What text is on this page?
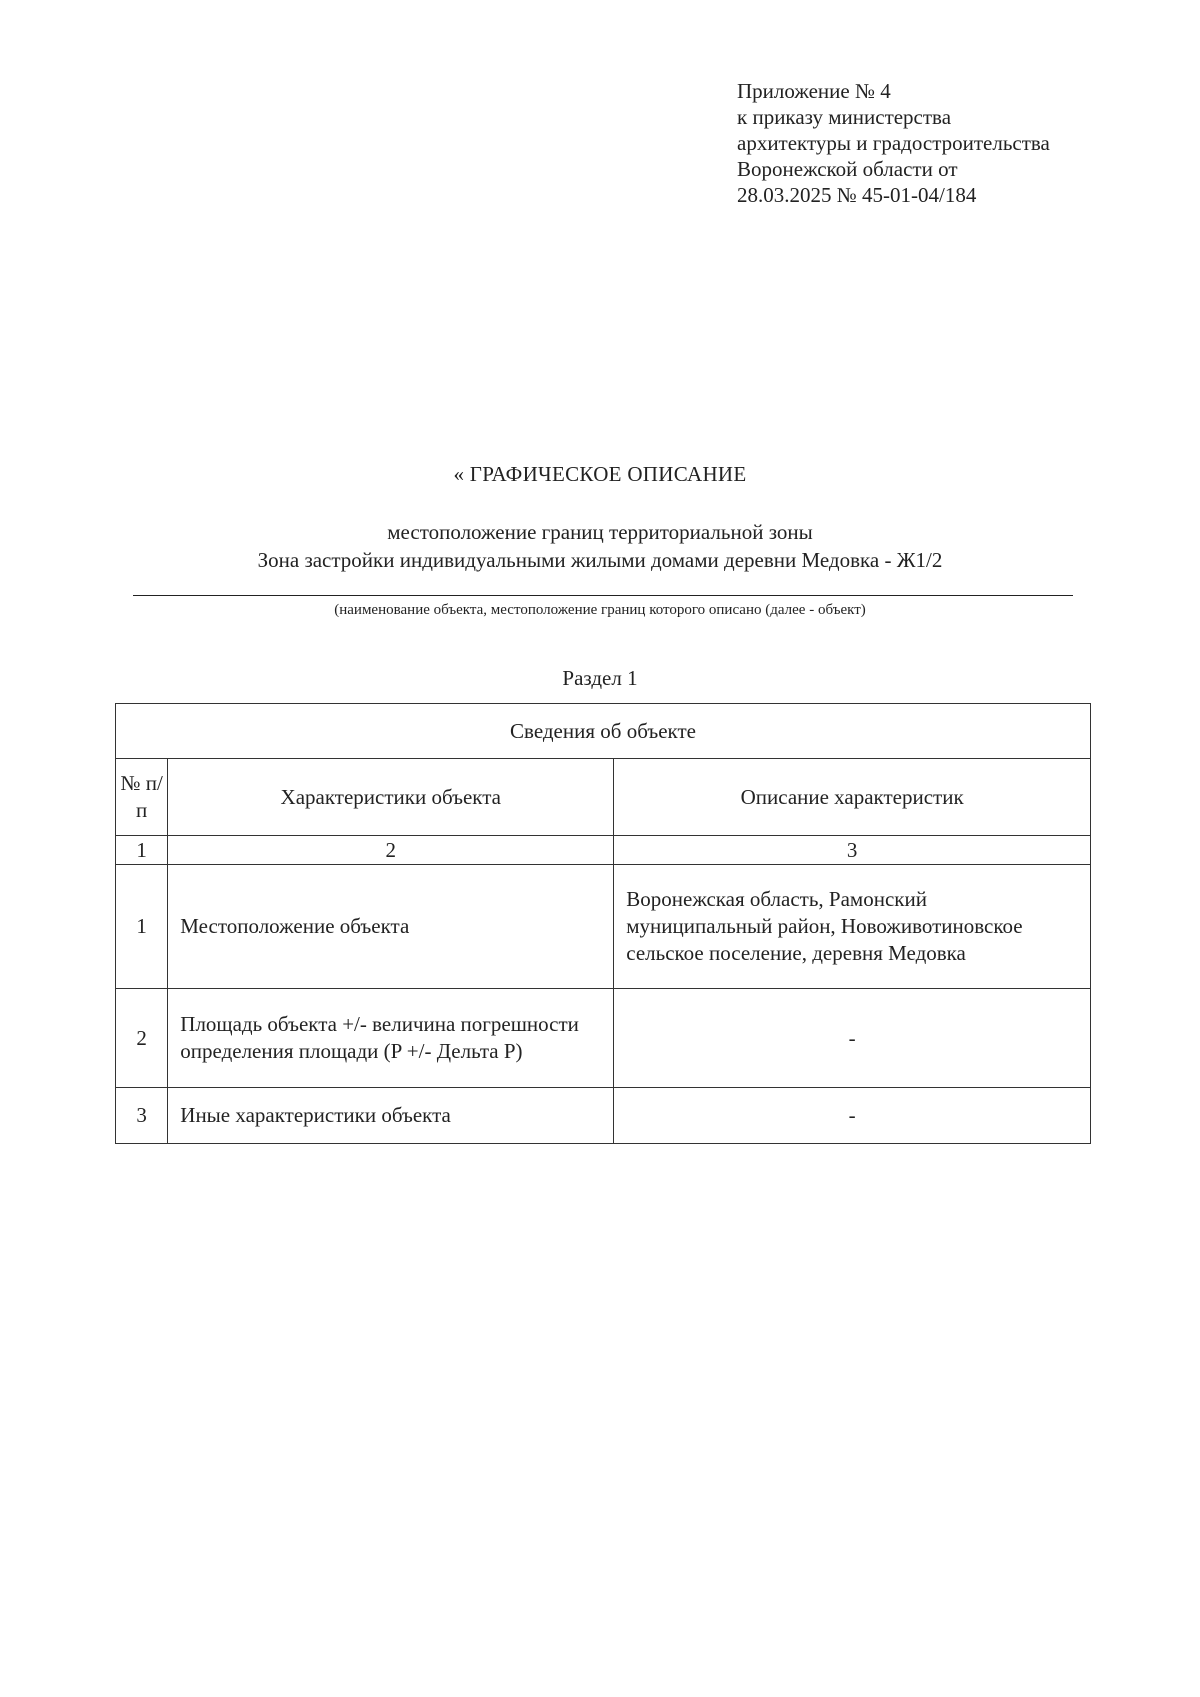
Приложение № 4
к приказу министерства
архитектуры и градостроительства
Воронежской области от
28.03.2025 № 45-01-04/184
« ГРАФИЧЕСКОЕ ОПИСАНИЕ
местоположение границ территориальной зоны
Зона застройки индивидуальными жилыми домами деревни Медовка - Ж1/2
(наименование объекта, местоположение границ которого описано (далее - объект)
Раздел 1
Сведения об объекте		
№ п/п	Характеристики объекта	Описание характеристик
1	2	3
1	Местоположение объекта	Воронежская область, Рамонский муниципальный район, Новоживотиновское сельское поселение, деревня Медовка
2	Площадь объекта +/- величина погрешности определения площади (P +/- Дельта P)	-
3	Иные характеристики объекта	-
